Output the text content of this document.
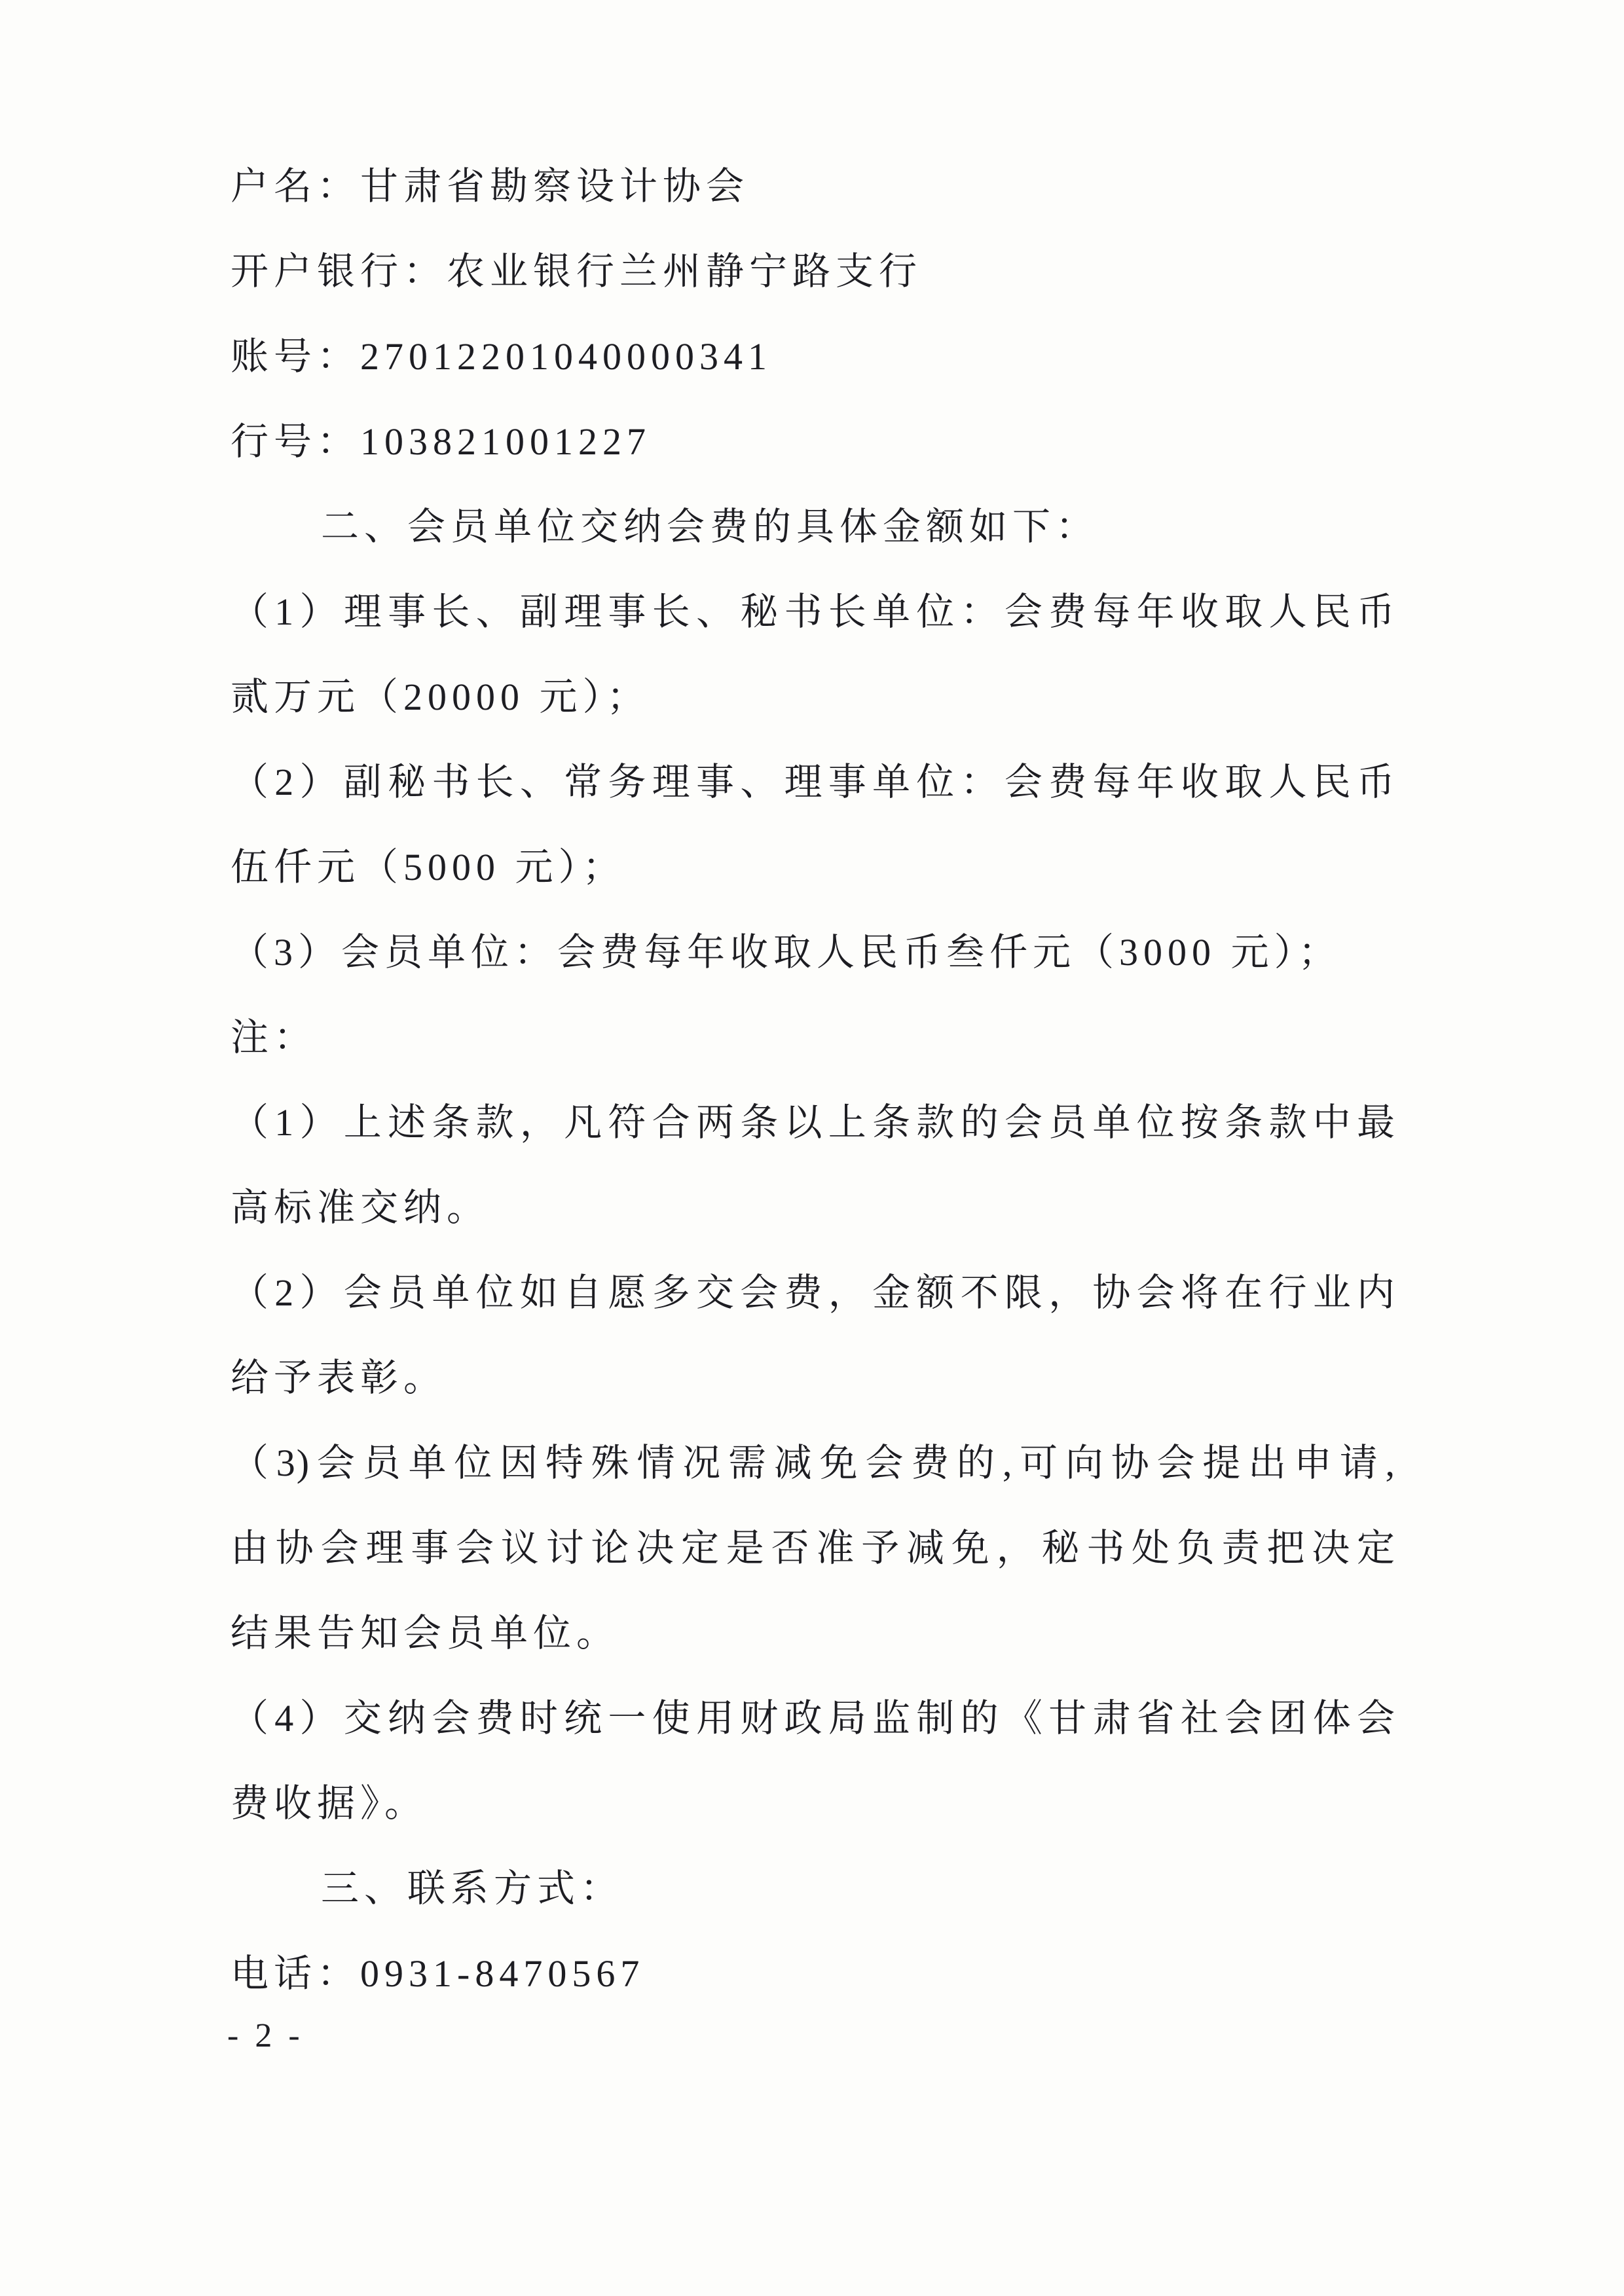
户名：甘肃省勘察设计协会
开户银行：农业银行兰州静宁路支行
账号：27012201040000341
行号：103821001227
二、会员单位交纳会费的具体金额如下：
（1）理事长、副理事长、秘书长单位：会费每年收取人民币
贰万元（20000 元）；
（2）副秘书长、常务理事、理事单位：会费每年收取人民币
伍仟元（5000 元）；
（3）会员单位：会费每年收取人民币叁仟元（3000 元）；
注：
（1）上述条款，凡符合两条以上条款的会员单位按条款中最
高标准交纳。
（2）会员单位如自愿多交会费，金额不限，协会将在行业内
给予表彰。
（3)会员单位因特殊情况需减免会费的,可向协会提出申请,
由协会理事会议讨论决定是否准予减免，秘书处负责把决定
结果告知会员单位。
（4）交纳会费时统一使用财政局监制的《甘肃省社会团体会
费收据》。
三、联系方式：
电话：0931-8470567
- 2 -
